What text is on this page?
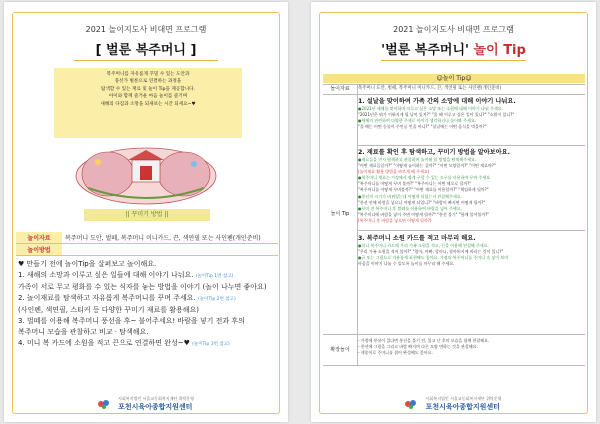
2021 놀이지도사 비대면 프로그램
[ 벌룬 복주머니 ]
복주머니를 자유롭게 꾸밀 수 있는 도안과
풍선가 벌룬으로 연결하는 과정을
탐색할 수 있는 재료 및 놀이 Tip을 제공합니다.
아이와 함께 즐거운 마음 놀이를 즐기며
새해의 다짐과 소망을 되새보는 시간 되세요~♥
|| 꾸미기 방법 ||
놀이자료	복주머니 도안, 벌떼, 복주머니 미니카드, 끈, 색연필 또는 사인펜(개인준비)
놀이방법	
♥ 만들기 전에 놀이Tip을 살펴보고 놀이해요.
1. 새해의 소망과 이루고 싶은 일들에 대해 이야기 나눠요. (놀이Tip 1번 참고)
가족이 서로 무고 평화를 수 있는 식자를 놓는 방법을 이야기 (놀이 나누면 좋아요)
2. 놀이재료를 탐색하고 자유롭게 복주머니를 꾸며 주세요. (놀이Tip 2번 참고)
(사인펜, 색연필, 스티커 등 다양한 꾸미기 재료를 활용해요)
3. 벌떼를 이용해 복주머니 풍선을 후~ 불어주세요! 바람을 넣기 전과 후의
복주머니 모습을 관찰하고 비교 · 탐색해요.
4. 미니 복 카드에 소원을 적고 끈으로 연결하면 완성~♥ (놀이Tip 3번 참고)

사회복지법인 서울교동회복지재단 위탁운영
포천시육아종합지원센터
2021 놀이지도사 비대면 프로그램
'벌룬 복주머니' 놀이 Tip
☺놀이 Tip☺
놀이자료	복주머니 도안, 벌떼, 복주머니 미니카드, 끈, 색연필 또는 사인펜(개인준비)
놀이 Tip
1. 설날을 맞이하여 가족 간의 소망에 대해 이야기 나눠요.
●2021년 새해를 맞이하며 이루고 싶은 소망 또는 소원에 대해 이야기 나눠 주세요.
"2021년은 뭐가 이뤄지게 될 날이 있지?" "올 해 이루고 싶은 일이 있니?" "소원이 있니?"
●새해의 관련하여 다양한 주제로 아이가 생각하거나 물어봐 주세요.
"올 해는 어떤 동물이 주인공 인줄 아니?" "설날에는 어떤 음식을 먹을까?"
2. 재료를 확인 후 탐색하고, 꾸미기 방법을 알아보아요.
●재료들을 먼저 탐색하고 관찰하며 놀이해 할 방법을 탐색해주세요.
"어떤 재료들일까?" "어떻게 놀이하는 걸까?" "어떤 모양일까?" "어떤 재료야?"
(놀이재료 활용 방법을 바르게 해 주세요)
●복주머니 재료는 가정에서 쉽게 구할 수 있는 도구를 사용하여 꾸며 주세요.
"복주머니를 어떻게 꾸며 볼까?" "복주머니는 어떤 색으로 할까?"
"복주머니를 어떻게 꾸며볼까?" "어떤 재료를 이용할까?" "책임하게 될까?"
●풍선의 크기가 바뀌었는데 어떻게 되었는지 관찰해주세요.
"풍선 안에 바람을 넣으니 어떻게 되었니?" "바람이 빠지면 어떻게 될까?"
●꾸미 전 복주머니 후 벌떼를 이용하여 바람을 넣어 주세요.
"복주머니에 바람을 넣어 주면 어떻게 될까?" "풍선 불기" "함께 불어볼까?"
(복주머니 후 바람을 넣으면 어떻게 될까?)
3. 복주머니 소원 카드를 적고 마무리 해요.
●미니 복주머니 카드에 우리 가족 소원을 적고, 끈을 이용해 연결해 주세요.
"우리 가족 소원을 적어 볼까?" "엄마, 아빠, 할머니, 할아버지께 바라는 것이 있니?"
●글 또는 그림으로 자유롭게 표현해도 좋아요. 가정의 복주머니를 주머니 속 넣어 보며
마음을 이야기 나눌 수 있도록 놀이를 마무리 해 주세요.
확장놀이
- 가정에 풍선이 있다면 풍선을 불기 전, 불고 난 후의 모습을 함께 관찰해요.
- 풍선에 그림을 그리고 바람 빠지며 다른 모양 변하는 것을 관찰해요.
- 색종이로 주머니를 접어 완성해도 좋아요.

사회복지법인 서울교동회복지재단 위탁운영
포천시육아종합지원센터
